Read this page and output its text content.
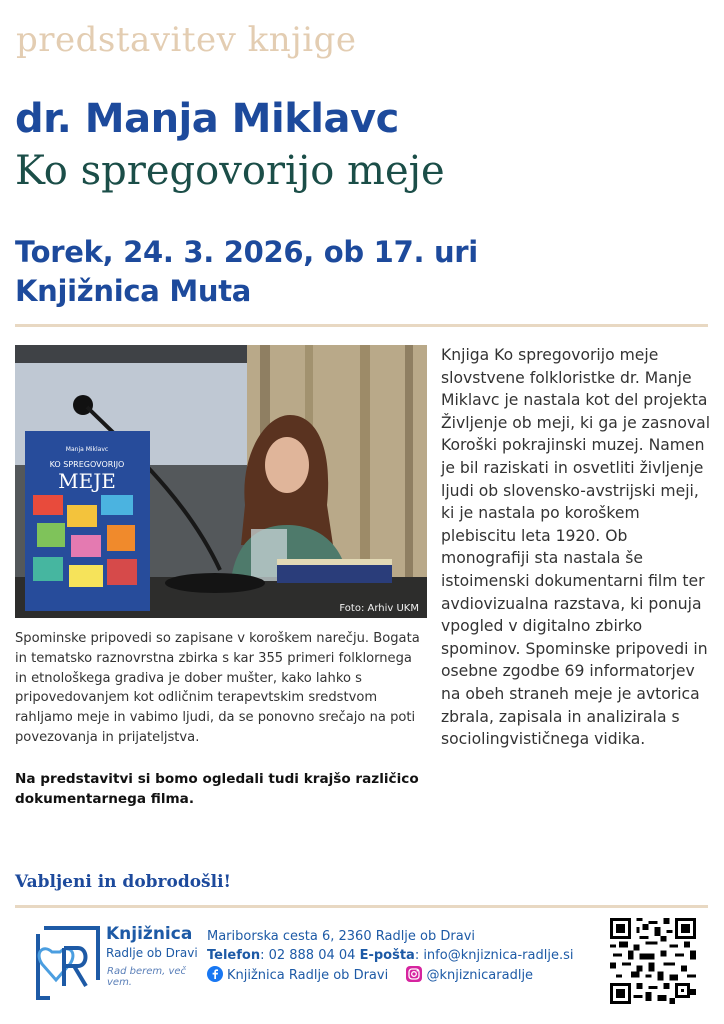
predstavitev knjige
dr. Manja Miklavc
Ko spregovorijo meje
Torek, 24. 3. 2026, ob 17. uri
Knjižnica Muta
Manja Miklavc
KO SPREGOVORIJO
MEJE
Foto: Arhiv UKM
Knjiga Ko spregovorijo meje slovstvene folkloristke dr. Manje Miklavc je nastala kot del projekta Življenje ob meji, ki ga je zasnoval Koroški pokrajinski muzej. Namen je bil raziskati in osvetliti življenje ljudi ob slovensko-avstrijski meji, ki je nastala po koroškem plebiscitu leta 1920. Ob monografiji sta nastala še istoimenski dokumentarni film ter avdiovizualna razstava, ki ponuja vpogled v digitalno zbirko spominov. Spominske pripovedi in osebne zgodbe 69 informatorjev na obeh straneh meje je avtorica zbrala, zapisala in analizirala s sociolingvističnega vidika.
Spominske pripovedi so zapisane v koroškem narečju. Bogata in tematsko raznovrstna zbirka s kar 355 primeri folklornega in etnološkega gradiva je dober mušter, kako lahko s pripovedovanjem kot odličnim terapevtskim sredstvom rahljamo meje in vabimo ljudi, da se ponovno srečajo na poti povezovanja in prijateljstva.
Na predstavitvi si bomo ogledali tudi krajšo različico dokumentarnega filma.
Vabljeni in dobrodošli!
Knjižnica
Radlje ob Dravi
Rad berem, več vem.
Mariborska cesta 6, 2360 Radlje ob Dravi
Telefon: 02 888 04 04 E-pošta: info@knjiznica-radlje.si
Knjižnica Radlje ob Dravi	@knjiznicaradlje
